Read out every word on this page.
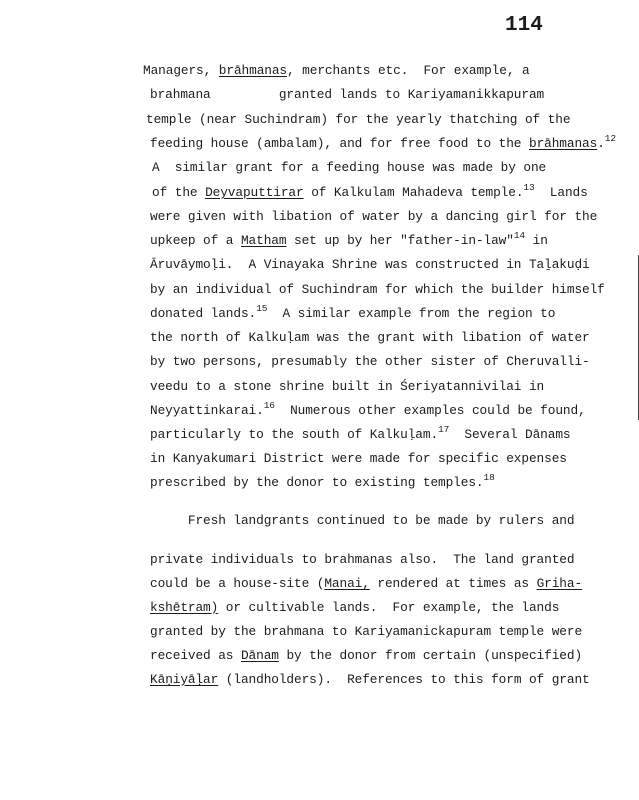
114
Managers, brāhmanas, merchants etc.  For example, a
brahmana         granted lands to Kariyamanikkapuram
temple (near Suchindram) for the yearly thatching of the
feeding house (ambalam), and for free food to the brāhmanas.$^{12}$
A  similar grant for a feeding house was made by one
of the Deyvaputtirar of Kalkulam Mahadeva temple.$^{13}$  Lands
were given with libation of water by a dancing girl for the
upkeep of a Matham set up by her "father-in-law"$^{14}$ in
Āruvāymoḷi.  A Vinayaka Shrine was constructed in Taḻakuḍi
by an individual of Suchindram for which the builder himself
donated lands.$^{15}$  A similar example from the region to
the north of Kalkuḷam was the grant with libation of water
by two persons, presumably the other sister of Cheruvalli-
veedu to a stone shrine built in Śeriyatannivilai in
Neyyattinkarai.$^{16}$  Numerous other examples could be found,
particularly to the south of Kalkuḷam.$^{17}$  Several Dānams
in Kanyakumari District were made for specific expenses
prescribed by the donor to existing temples.$^{18}$
Fresh landgrants continued to be made by rulers and
private individuals to brahmanas also.  The land granted
could be a house-site (Manai, rendered at times as Griha-
kshētram) or cultivable lands.  For example, the lands
granted by the brahmana to Kariyamanickapuram temple were
received as Dānam by the donor from certain (unspecified)
Kāṇiyāḷar (landholders).  References to this form of grant
